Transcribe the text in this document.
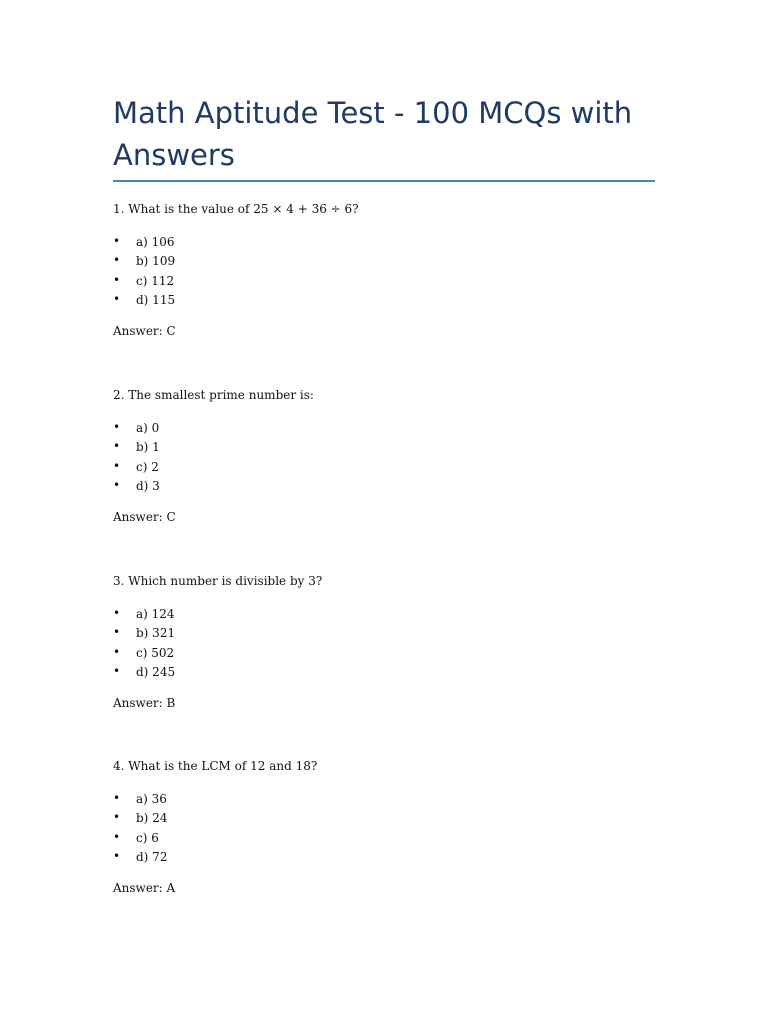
Math Aptitude Test - 100 MCQs with Answers

1. What is the value of 25 × 4 + 36 ÷ 6?

• a) 106
• b) 109
• c) 112
• d) 115

Answer: C

2. The smallest prime number is:

• a) 0
• b) 1
• c) 2
• d) 3

Answer: C

3. Which number is divisible by 3?

• a) 124
• b) 321
• c) 502
• d) 245

Answer: B

4. What is the LCM of 12 and 18?

• a) 36
• b) 24
• c) 6
• d) 72

Answer: A
